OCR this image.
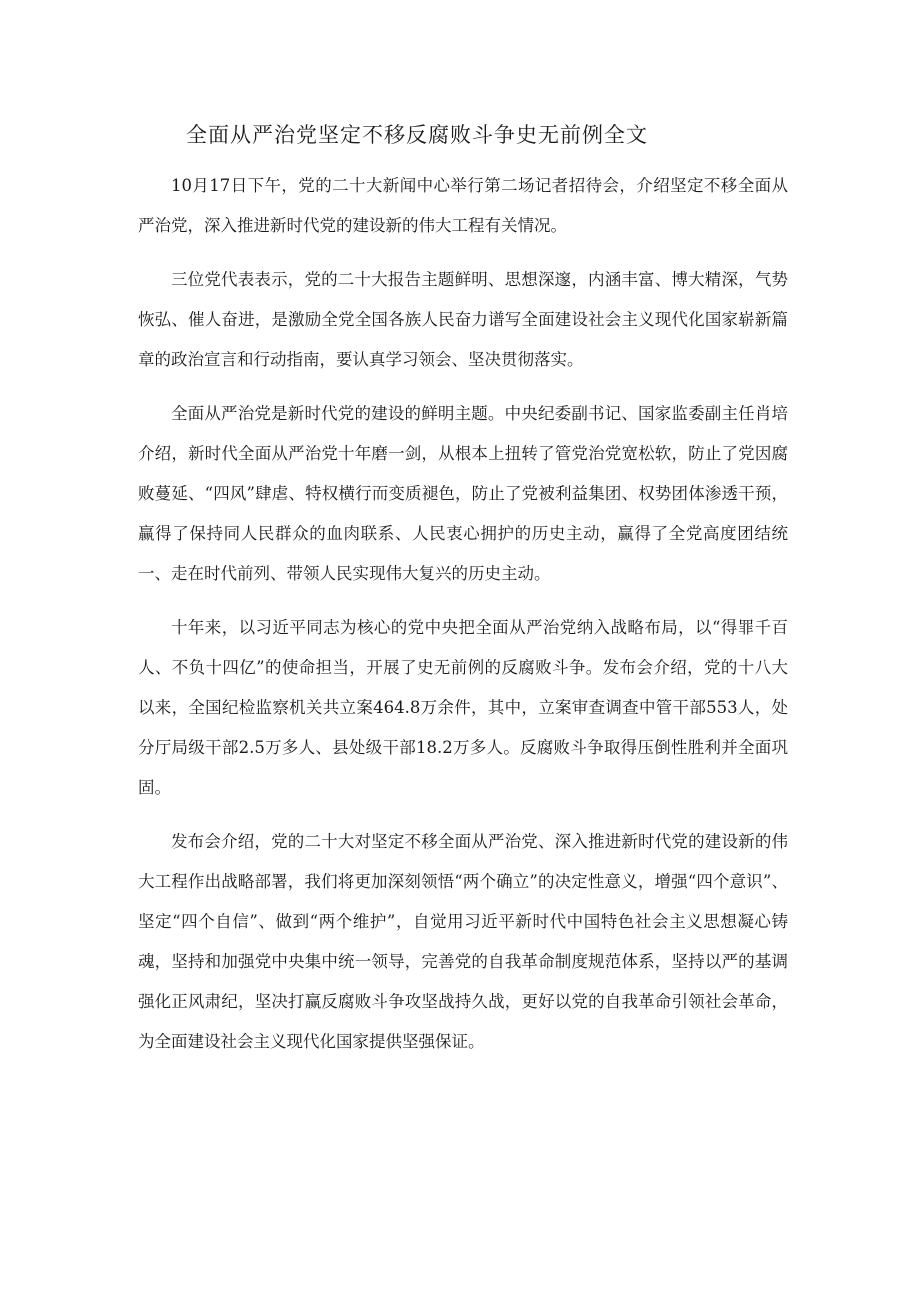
全面从严治党坚定不移反腐败斗争史无前例全文

10月17日下午，党的二十大新闻中心举行第二场记者招待会，介绍坚定不移全面从严治党，深入推进新时代党的建设新的伟大工程有关情况。

三位党代表表示，党的二十大报告主题鲜明、思想深邃，内涵丰富、博大精深，气势恢弘、催人奋进，是激励全党全国各族人民奋力谱写全面建设社会主义现代化国家崭新篇章的政治宣言和行动指南，要认真学习领会、坚决贯彻落实。

全面从严治党是新时代党的建设的鲜明主题。中央纪委副书记、国家监委副主任肖培介绍，新时代全面从严治党十年磨一剑，从根本上扭转了管党治党宽松软，防止了党因腐败蔓延、“四风”肆虐、特权横行而变质褪色，防止了党被利益集团、权势团体渗透干预，赢得了保持同人民群众的血肉联系、人民衷心拥护的历史主动，赢得了全党高度团结统一、走在时代前列、带领人民实现伟大复兴的历史主动。

十年来，以习近平同志为核心的党中央把全面从严治党纳入战略布局，以“得罪千百人、不负十四亿”的使命担当，开展了史无前例的反腐败斗争。发布会介绍，党的十八大以来，全国纪检监察机关共立案464.8万余件，其中，立案审查调查中管干部553人，处分厅局级干部2.5万多人、县处级干部18.2万多人。反腐败斗争取得压倒性胜利并全面巩固。

发布会介绍，党的二十大对坚定不移全面从严治党、深入推进新时代党的建设新的伟大工程作出战略部署，我们将更加深刻领悟“两个确立”的决定性意义，增强“四个意识”、坚定“四个自信”、做到“两个维护”，自觉用习近平新时代中国特色社会主义思想凝心铸魂，坚持和加强党中央集中统一领导，完善党的自我革命制度规范体系，坚持以严的基调强化正风肃纪，坚决打赢反腐败斗争攻坚战持久战，更好以党的自我革命引领社会革命，为全面建设社会主义现代化国家提供坚强保证。
